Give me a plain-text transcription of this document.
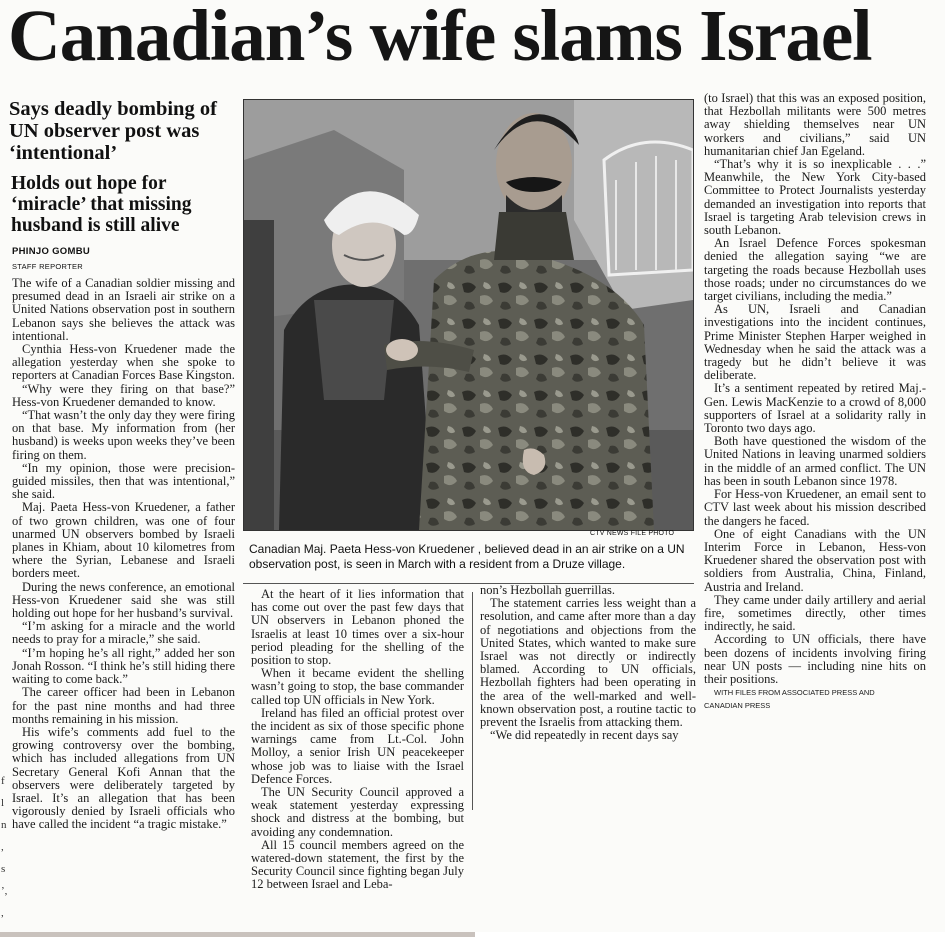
Canadian’s wife slams Israel
Says deadly bombing of UN observer post was ‘intentional’
Holds out hope for ‘miracle’ that missing husband is still alive
PHINJO GOMBU
STAFF REPORTER

The wife of a Canadian soldier missing and presumed dead in an Israeli air strike on a United Nations observation post in southern Lebanon says she believes the attack was intentional.

Cynthia Hess-von Kruedener made the allegation yesterday when she spoke to reporters at Canadian Forces Base Kingston.

“Why were they firing on that base?” Hess-von Kruedener demanded to know.

“That wasn’t the only day they were firing on that base. My information from (her husband) is weeks upon weeks they’ve been firing on them.

“In my opinion, those were precision-guided missiles, then that was intentional,” she said.

Maj. Paeta Hess-von Kruedener, a father of two grown children, was one of four unarmed UN observers bombed by Israeli planes in Khiam, about 10 kilometres from where the Syrian, Lebanese and Israeli borders meet.

During the news conference, an emotional Hess-von Kruedener said she was still holding out hope for her husband’s survival.

“I’m asking for a miracle and the world needs to pray for a miracle,” she said.

“I’m hoping he’s all right,” added her son Jonah Rosson. “I think he’s still hiding there waiting to come back.”

The career officer had been in Lebanon for the past nine months and had three months remaining in his mission.

His wife’s comments add fuel to the growing controversy over the bombing, which has included allegations from UN Secretary General Kofi Annan that the observers were deliberately targeted by Israel. It’s an allegation that has been vigorously denied by Israeli officials who have called the incident “a tragic mistake.”

CTV NEWS FILE PHOTO

Canadian Maj. Paeta Hess-von Kruedener , believed dead in an air strike on a UN observation post, is seen in March with a resident from a Druze village.

At the heart of it lies information that has come out over the past few days that UN observers in Lebanon phoned the Israelis at least 10 times over a six-hour period pleading for the shelling of the position to stop.

When it became evident the shelling wasn’t going to stop, the base commander called top UN officials in New York.

Ireland has filed an official protest over the incident as six of those specific phone warnings came from Lt.-Col. John Molloy, a senior Irish UN peacekeeper whose job was to liaise with the Israel Defence Forces.

The UN Security Council approved a weak statement yesterday expressing shock and distress at the bombing, but avoiding any condemnation.

All 15 council members agreed on the watered-down statement, the first by the Security Council since fighting began July 12 between Israel and Leba-

non’s Hezbollah guerrillas.

The statement carries less weight than a resolution, and came after more than a day of negotiations and objections from the United States, which wanted to make sure Israel was not directly or indirectly blamed. According to UN officials, Hezbollah fighters had been operating in the area of the well-marked and well-known observation post, a routine tactic to prevent the Israelis from attacking them.

“We did repeatedly in recent days say

(to Israel) that this was an exposed position, that Hezbollah militants were 500 metres away shielding themselves near UN workers and civilians,” said UN humanitarian chief Jan Egeland.

“That’s why it is so inexplicable . . .” Meanwhile, the New York City-based Committee to Protect Journalists yesterday demanded an investigation into reports that Israel is targeting Arab television crews in south Lebanon.

An Israel Defence Forces spokesman denied the allegation saying “we are targeting the roads because Hezbollah uses those roads; under no circumstances do we target civilians, including the media.”

As UN, Israeli and Canadian investigations into the incident continues, Prime Minister Stephen Harper weighed in Wednesday when he said the attack was a tragedy but he didn’t believe it was deliberate.

It’s a sentiment repeated by retired Maj.-Gen. Lewis MacKenzie to a crowd of 8,000 supporters of Israel at a solidarity rally in Toronto two days ago.

Both have questioned the wisdom of the United Nations in leaving unarmed soldiers in the middle of an armed conflict. The UN has been in south Lebanon since 1978.

For Hess-von Kruedener, an email sent to CTV last week about his mission described the dangers he faced.

One of eight Canadians with the UN Interim Force in Lebanon, Hess-von Kruedener shared the observation post with soldiers from Australia, China, Finland, Austria and Ireland.

They came under daily artillery and aerial fire, sometimes directly, other times indirectly, he said.

According to UN officials, there have been dozens of incidents involving firing near UN posts — including nine hits on their positions.

WITH FILES FROM ASSOCIATED PRESS AND
CANADIAN PRESS

f
l
n
,
s
’,
,
